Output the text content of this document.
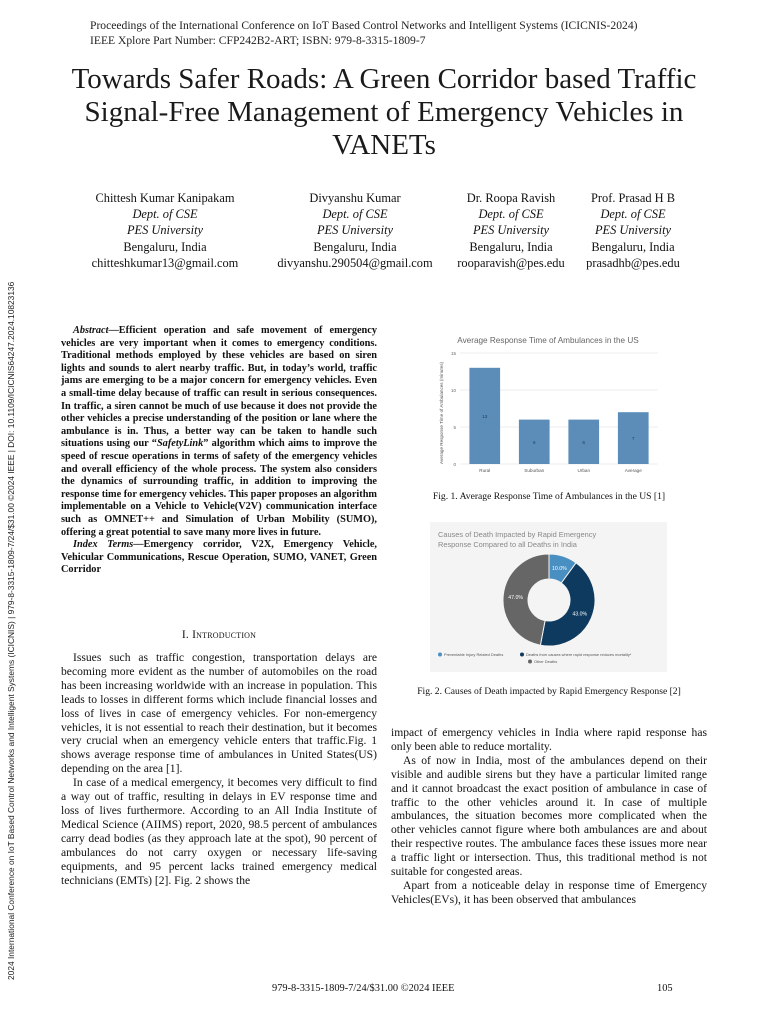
Proceedings of the International Conference on IoT Based Control Networks and Intelligent Systems (ICICNIS-2024)
IEEE Xplore Part Number: CFP242B2-ART; ISBN: 979-8-3315-1809-7
Towards Safer Roads: A Green Corridor based Traffic Signal-Free Management of Emergency Vehicles in VANETs
Chittesh Kumar Kanipakam
Dept. of CSE
PES University
Bengaluru, India
chitteshkumar13@gmail.com
Divyanshu Kumar
Dept. of CSE
PES University
Bengaluru, India
divyanshu.290504@gmail.com
Dr. Roopa Ravish
Dept. of CSE
PES University
Bengaluru, India
rooparavish@pes.edu
Prof. Prasad H B
Dept. of CSE
PES University
Bengaluru, India
prasadhb@pes.edu
2024 International Conference on IoT Based Control Networks and Intelligent Systems (ICICNIS) | 979-8-3315-1809-7/24/$31.00 ©2024 IEEE | DOI: 10.1109/ICICNIS64247.2024.10823136	Abstract—Efficient operation and safe movement of emergency vehicles are very important when it comes to emergency conditions. Traditional methods employed by these vehicles are based on siren lights and sounds to alert nearby traffic. But, in today’s world, traffic jams are emerging to be a major concern for emergency vehicles. Even a small-time delay because of traffic can result in serious consequences. In traffic, a siren cannot be much of use because it does not provide the other vehicles a precise understanding of the position or lane where the ambulance is in. Thus, a better way can be taken to handle such situations using our “SafetyLink” algorithm which aims to improve the speed of rescue operations in terms of safety of the emergency vehicles and overall efficiency of the whole process. The system also considers the dynamics of surrounding traffic, in addition to improving the response time for emergency vehicles. This paper proposes an algorithm implementable on a Vehicle to Vehicle(V2V) communication interface such as OMNET++ and Simulation of Urban Mobility (SUMO), offering a great potential to save many more lives in future.

Index Terms—Emergency corridor, V2X, Emergency Vehicle, Vehicular Communications, Rescue Operation, SUMO, VANET, Green Corridor

I. Introduction

Issues such as traffic congestion, transportation delays are becoming more evident as the number of automobiles on the road has been increasing worldwide with an increase in population. This leads to losses in different forms which include financial losses and loss of lives in case of emergency vehicles. For non-emergency vehicles, it is not essential to reach their destination, but it becomes very crucial when an emergency vehicle enters that traffic.Fig. 1 shows average response time of ambulances in United States(US) depending on the area [1].

In case of a medical emergency, it becomes very difficult to find a way out of traffic, resulting in delays in EV response time and loss of lives furthermore. According to an All India Institute of Medical Science (AIIMS) report, 2020, 98.5 percent of ambulances carry dead bodies (as they approach late at the spot), 90 percent of ambulances do not carry oxygen or necessary life-saving equipments, and 95 percent lacks trained emergency medical technicians (EMTs) [2]. Fig. 2 shows the

impact of emergency vehicles in India where rapid response has only been able to reduce mortality.

As of now in India, most of the ambulances depend on their visible and audible sirens but they have a particular limited range and it cannot broadcast the exact position of ambulance in case of traffic to the other vehicles around it. In case of multiple ambulances, the situation becomes more complicated when the other vehicles cannot figure where both ambulances are and about their respective routes. The ambulance faces these issues more near a traffic light or intersection. Thus, this traditional method is not suitable for congested areas.

Apart from a noticeable delay in response time of Emergency Vehicles(EVs), it has been observed that ambulances

Average Response Time of Ambulances in the US
Average Response Time of Ambulances (minutes)
0
5
10
15
13
Rural
6
Suburban
6
Urban
7
Average
Fig. 1. Average Response Time of Ambulances in the US [1]
Causes of Death Impacted by Rapid Emergency
Response Compared to all Deaths in India
10.0%
43.0%
47.0%
Preventable Injury Related Deaths	Deaths from causes where rapid response reduces mortality*
Other Deaths
Fig. 2. Causes of Death impacted by Rapid Emergency Response [2]
979-8-3315-1809-7/24/$31.00 ©2024 IEEE	105
